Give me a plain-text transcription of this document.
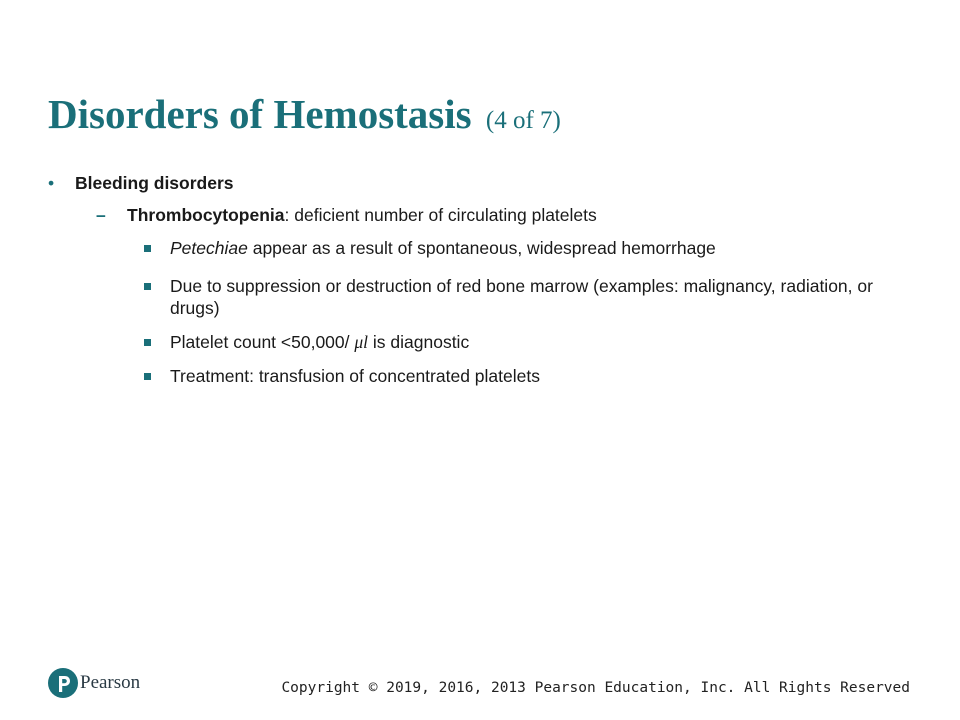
Disorders of Hemostasis (4 of 7)
• Bleeding disorders
– Thrombocytopenia: deficient number of circulating platelets
Petechiae appear as a result of spontaneous, widespread hemorrhage
Due to suppression or destruction of red bone marrow (examples: malignancy, radiation, or drugs)
Platelet count <50,000/ μl is diagnostic
Treatment: transfusion of concentrated platelets
Pearson	Copyright © 2019, 2016, 2013 Pearson Education, Inc. All Rights Reserved
